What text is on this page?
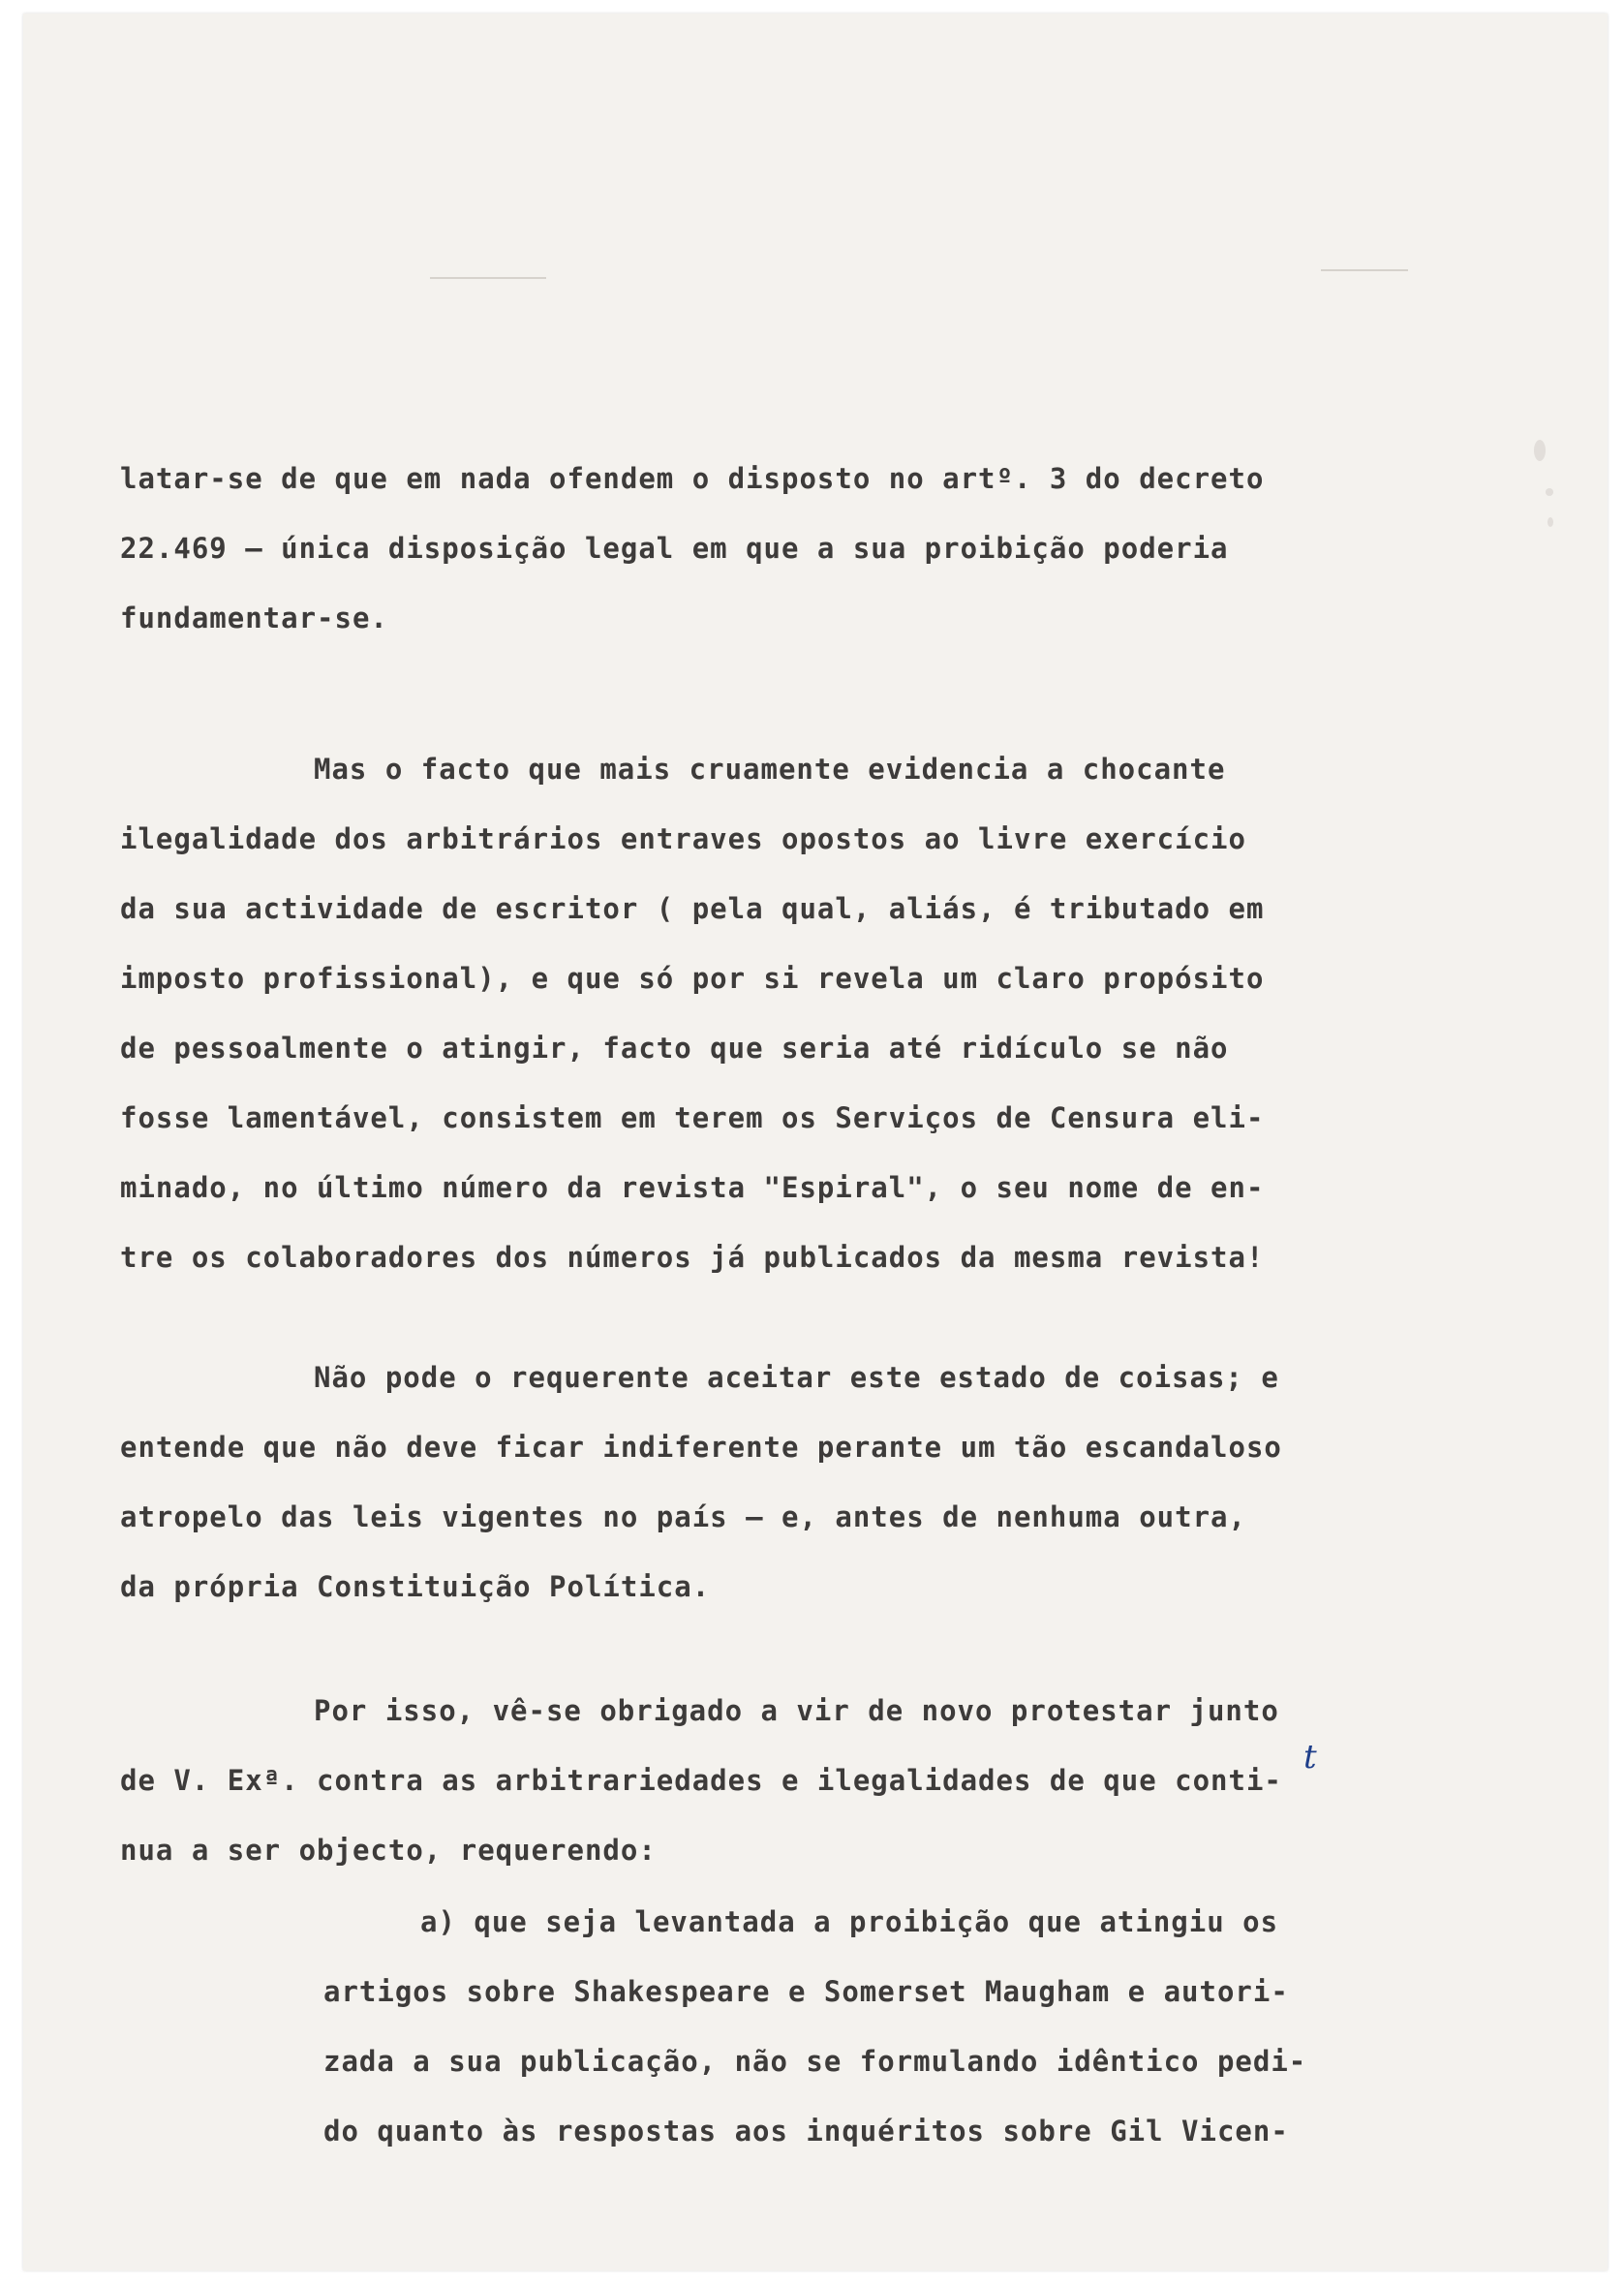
latar-se de que em nada ofendem o disposto no artº. 3 do decreto

22.469 — única disposição legal em que a sua proibição poderia

fundamentar-se.

Mas o facto que mais cruamente evidencia a chocante

ilegalidade dos arbitrários entraves opostos ao livre exercício

da sua actividade de escritor ( pela qual, aliás, é tributado em

imposto profissional), e que só por si revela um claro propósito

de pessoalmente o atingir, facto que seria até ridículo se não

fosse lamentável, consistem em terem os Serviços de Censura eli-

minado, no último número da revista "Espiral", o seu nome de en-

tre os colaboradores dos números já publicados da mesma revista!

Não pode o requerente aceitar este estado de coisas; e

entende que não deve ficar indiferente perante um tão escandaloso

atropelo das leis vigentes no país — e, antes de nenhuma outra,

da própria Constituição Política.

Por isso, vê-se obrigado a vir de novo protestar junto

de V. Exª. contra as arbitrariedades e ilegalidades de que conti-

nua a ser objecto, requerendo:

a) que seja levantada a proibição que atingiu os

artigos sobre Shakespeare e Somerset Maugham e autori-

zada a sua publicação, não se formulando idêntico pedi-

do quanto às respostas aos inquéritos sobre Gil Vicen-

t
